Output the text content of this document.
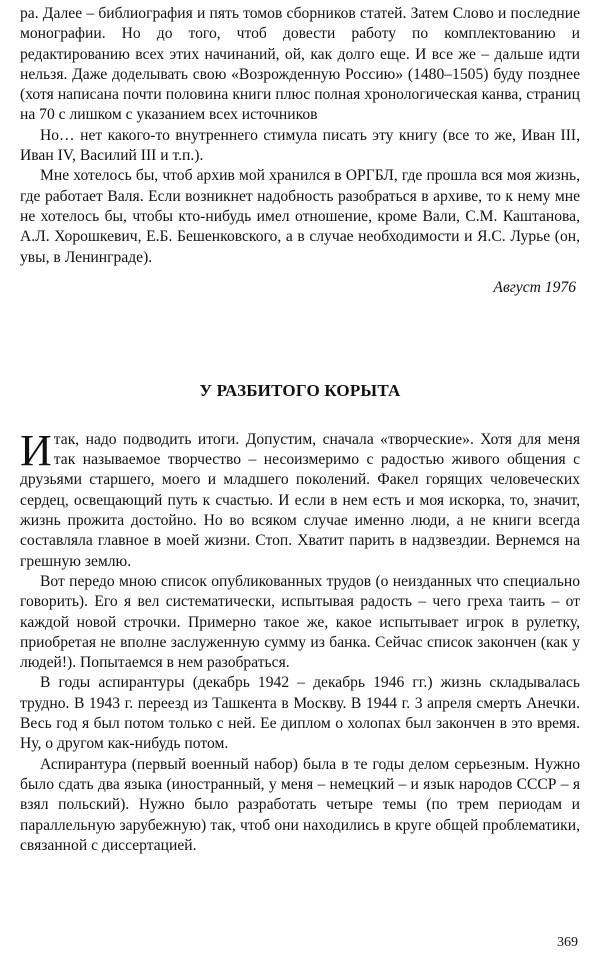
ра. Далее – библиография и пять томов сборников статей. Затем Слово и последние монографии. Но до того, чтоб довести работу по комплектованию и редактированию всех этих начинаний, ой, как долго еще. И все же – дальше идти нельзя. Даже доделывать свою «Возрожденную Россию» (1480–1505) буду позднее (хотя написана почти половина книги плюс полная хронологическая канва, страниц на 70 с лишком с указанием всех источников

Но… нет какого-то внутреннего стимула писать эту книгу (все то же, Иван III, Иван IV, Василий III и т.п.).

Мне хотелось бы, чтоб архив мой хранился в ОРГБЛ, где прошла вся моя жизнь, где работает Валя. Если возникнет надобность разобраться в архиве, то к нему мне не хотелось бы, чтобы кто-нибудь имел отношение, кроме Вали, С.М. Каштанова, А.Л. Хорошкевич, Е.Б. Бешенковского, а в случае необходимости и Я.С. Лурье (он, увы, в Ленинграде).

Август 1976

У РАЗБИТОГО КОРЫТА

Итак, надо подводить итоги. Допустим, сначала «творческие». Хотя для меня так называемое творчество – несоизмеримо с радостью живого общения с друзьями старшего, моего и младшего поколений. Факел горящих человеческих сердец, освещающий путь к счастью. И если в нем есть и моя искорка, то, значит, жизнь прожита достойно. Но во всяком случае именно люди, а не книги всегда составляла главное в моей жизни. Стоп. Хватит парить в надзвездии. Вернемся на грешную землю.

Вот передо мною список опубликованных трудов (о неизданных что специально говорить). Его я вел систематически, испытывая радость – чего греха таить – от каждой новой строчки. Примерно такое же, какое испытывает игрок в рулетку, приобретая не вполне заслуженную сумму из банка. Сейчас список закончен (как у людей!). Попытаемся в нем разобраться.

В годы аспирантуры (декабрь 1942 – декабрь 1946 гг.) жизнь складывалась трудно. В 1943 г. переезд из Ташкента в Москву. В 1944 г. 3 апреля смерть Анечки. Весь год я был потом только с ней. Ее диплом о холопах был закончен в это время. Ну, о другом как-нибудь потом.

Аспирантура (первый военный набор) была в те годы делом серьезным. Нужно было сдать два языка (иностранный, у меня – немецкий – и язык народов СССР – я взял польский). Нужно было разработать четыре темы (по трем периодам и параллельную зарубежную) так, чтоб они находились в круге общей проблематики, связанной с диссертацией.

369
